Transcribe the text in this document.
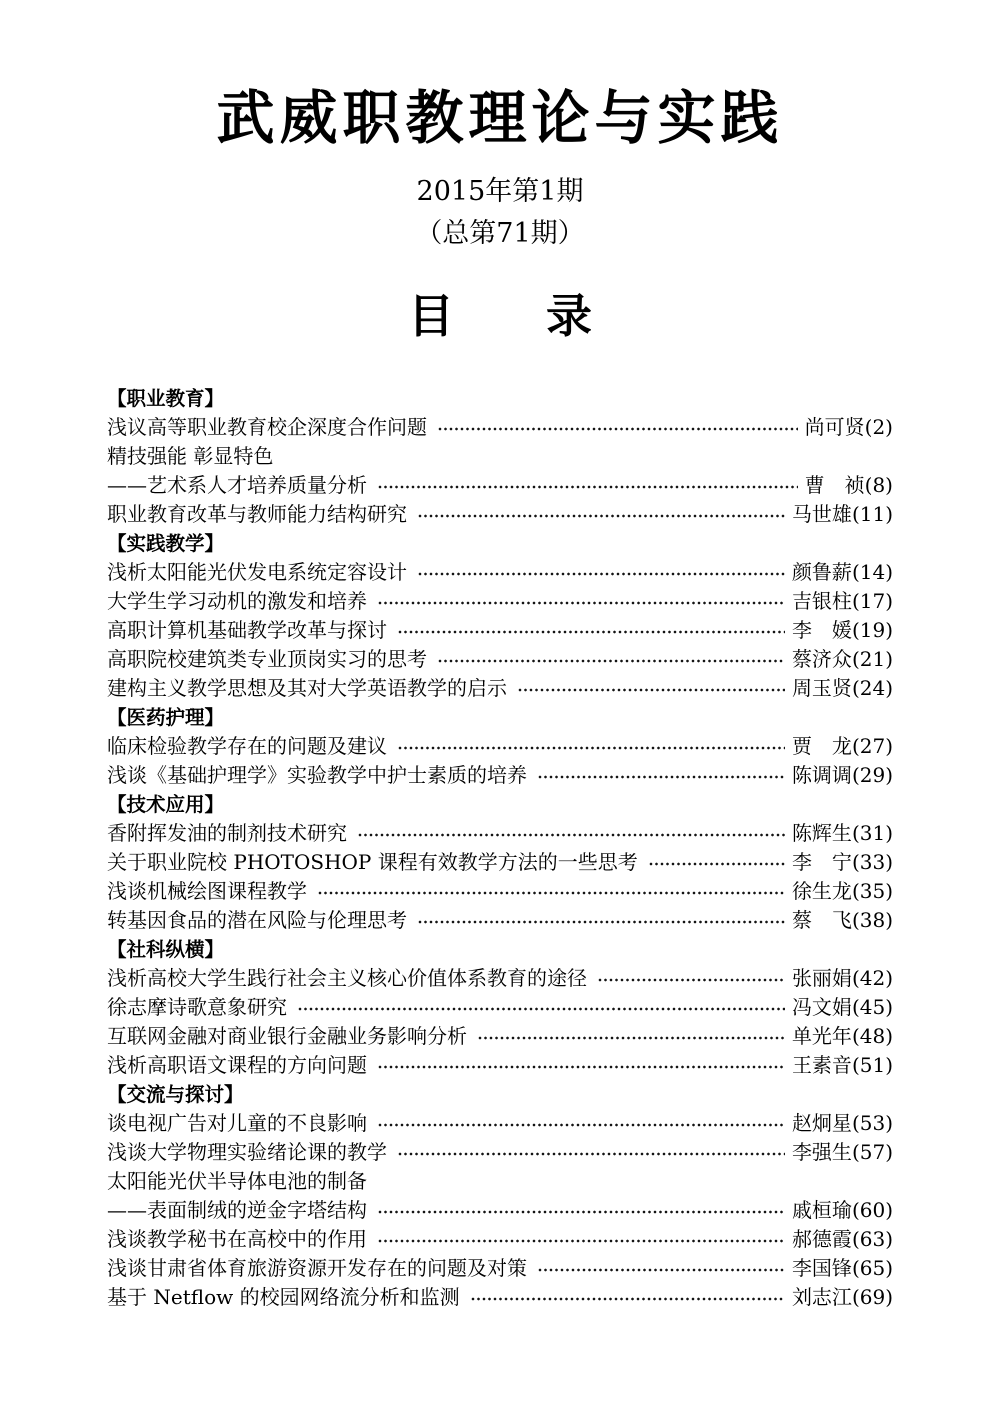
武威职教理论与实践
2015年第1期
（总第71期）
目　　录
【职业教育】
浅议高等职业教育校企深度合作问题	尚可贤 (2)
精技强能 彰显特色
——艺术系人才培养质量分析	曹　祯 (8)
职业教育改革与教师能力结构研究	马世雄 (11)
【实践教学】
浅析太阳能光伏发电系统定容设计	颜鲁薪 (14)
大学生学习动机的激发和培养	吉银柱 (17)
高职计算机基础教学改革与探讨	李　媛 (19)
高职院校建筑类专业顶岗实习的思考	蔡济众 (21)
建构主义教学思想及其对大学英语教学的启示	周玉贤 (24)
【医药护理】
临床检验教学存在的问题及建议	贾　龙 (27)
浅谈《基础护理学》实验教学中护士素质的培养	陈调调 (29)
【技术应用】
香附挥发油的制剂技术研究	陈辉生 (31)
关于职业院校 PHOTOSHOP 课程有效教学方法的一些思考	李　宁 (33)
浅谈机械绘图课程教学	徐生龙 (35)
转基因食品的潜在风险与伦理思考	蔡　飞 (38)
【社科纵横】
浅析高校大学生践行社会主义核心价值体系教育的途径	张丽娟 (42)
徐志摩诗歌意象研究	冯文娟 (45)
互联网金融对商业银行金融业务影响分析	单光年 (48)
浅析高职语文课程的方向问题	王素音 (51)
【交流与探讨】
谈电视广告对儿童的不良影响	赵炯星 (53)
浅谈大学物理实验绪论课的教学	李强生 (57)
太阳能光伏半导体电池的制备
——表面制绒的逆金字塔结构	戚桓瑜 (60)
浅谈教学秘书在高校中的作用	郝德霞 (63)
浅谈甘肃省体育旅游资源开发存在的问题及对策	李国锋 (65)
基于 Netflow 的校园网络流分析和监测	刘志江 (69)
